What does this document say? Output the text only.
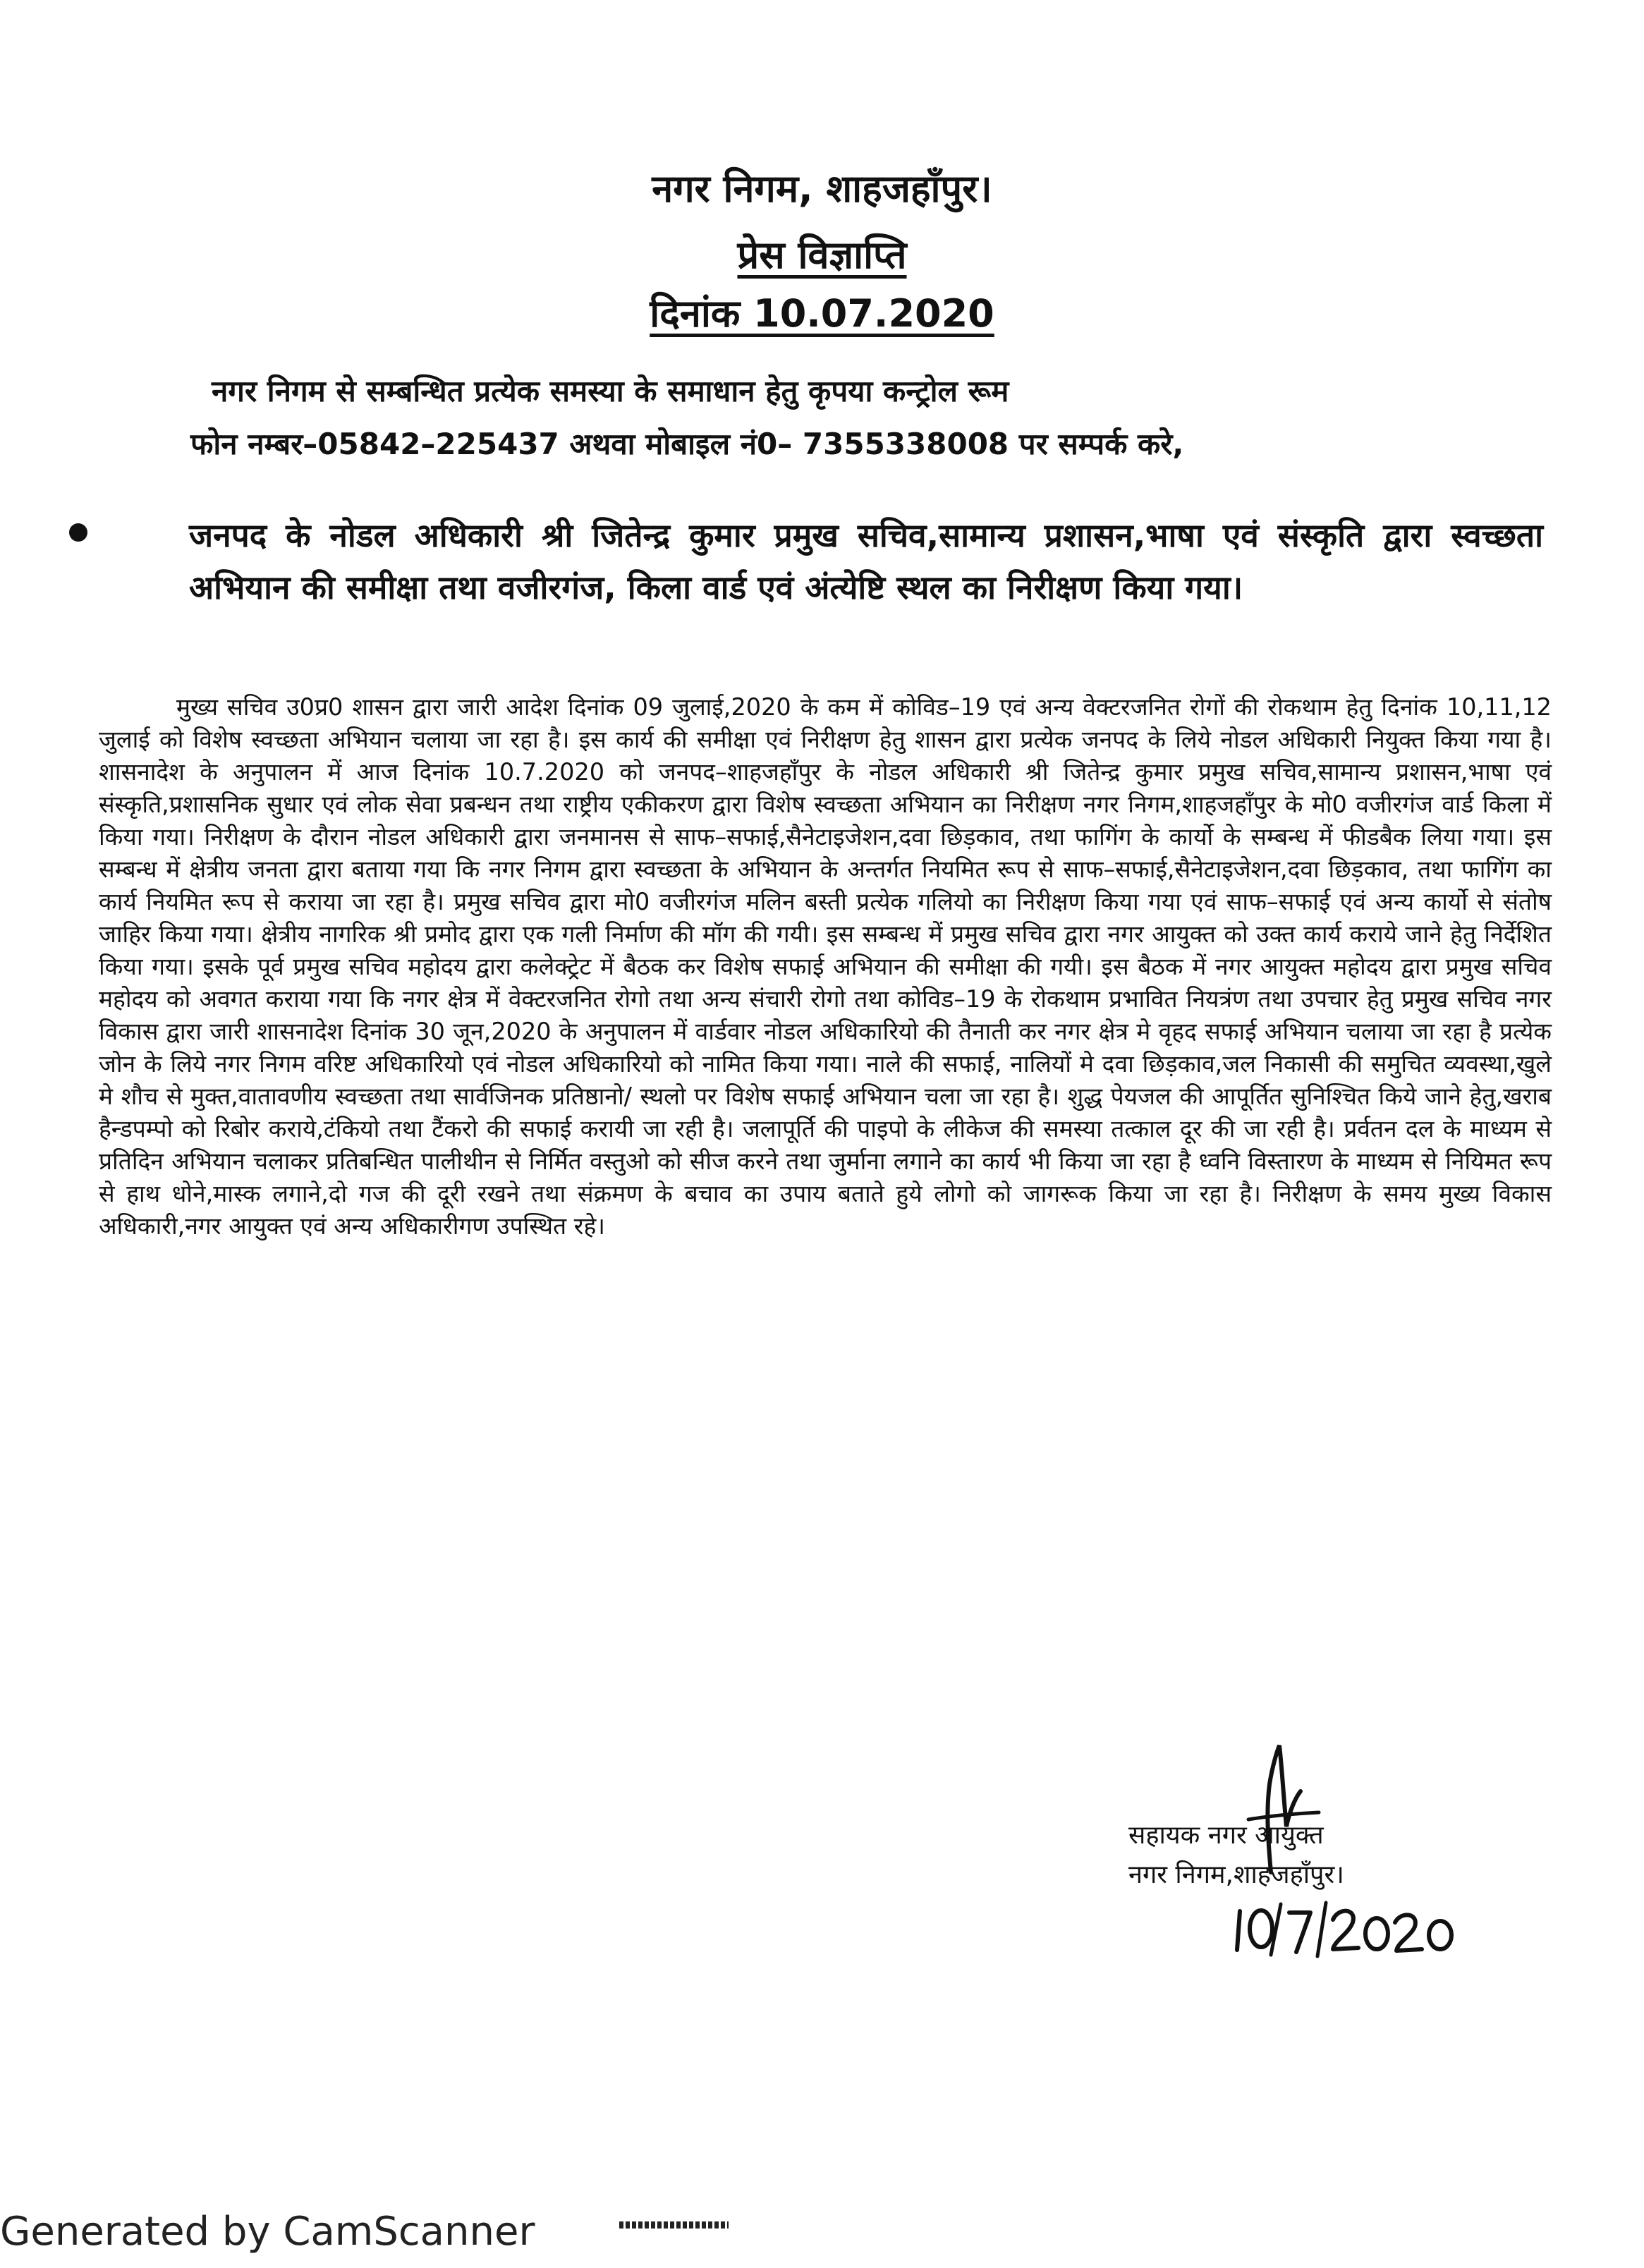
नगर निगम, शाहजहाँपुर।
प्रेस विज्ञाप्ति
दिनांक 10.07.2020
नगर निगम से सम्बन्धित प्रत्येक समस्या के समाधान हेतु कृपया कन्ट्रोल रूम
फोन नम्बर–05842–225437 अथवा मोबाइल नं0– 7355338008 पर सम्पर्क करे,
जनपद के नोडल अधिकारी श्री जितेन्द्र कुमार प्रमुख सचिव,सामान्य प्रशासन,भाषा एवं संस्कृति द्वारा स्वच्छता अभियान की समीक्षा तथा वजीरगंज, किला वार्ड एवं अंत्येष्टि स्थल का निरीक्षण किया गया।
मुख्य सचिव उ0प्र0 शासन द्वारा जारी आदेश दिनांक 09 जुलाई,2020 के कम में कोविड–19 एवं अन्य वेक्टरजनित रोगों की रोकथाम हेतु दिनांक 10,11,12 जुलाई को विशेष स्वच्छता अभियान चलाया जा रहा है। इस कार्य की समीक्षा एवं निरीक्षण हेतु शासन द्वारा प्रत्येक जनपद के लिये नोडल अधिकारी नियुक्त किया गया है। शासनादेश के अनुपालन में आज दिनांक 10.7.2020 को जनपद–शाहजहाँपुर के नोडल अधिकारी श्री जितेन्द्र कुमार प्रमुख सचिव,सामान्य प्रशासन,भाषा एवं संस्कृति,प्रशासनिक सुधार एवं लोक सेवा प्रबन्धन तथा राष्ट्रीय एकीकरण द्वारा विशेष स्वच्छता अभियान का निरीक्षण नगर निगम,शाहजहाँपुर के मो0 वजीरगंज वार्ड किला में किया गया। निरीक्षण के दौरान नोडल अधिकारी द्वारा जनमानस से साफ–सफाई,सैनेटाइजेशन,दवा छिड़काव, तथा फागिंग के कार्यो के सम्बन्ध में फीडबैक लिया गया। इस सम्बन्ध में क्षेत्रीय जनता द्वारा बताया गया कि नगर निगम द्वारा स्वच्छता के अभियान के अन्तर्गत नियमित रूप से साफ–सफाई,सैनेटाइजेशन,दवा छिड़काव, तथा फागिंग का कार्य नियमित रूप से कराया जा रहा है। प्रमुख सचिव द्वारा मो0 वजीरगंज मलिन बस्ती प्रत्येक गलियो का निरीक्षण किया गया एवं साफ–सफाई एवं अन्य कार्यो से संतोष जाहिर किया गया। क्षेत्रीय नागरिक श्री प्रमोद द्वारा एक गली निर्माण की मॉग की गयी। इस सम्बन्ध में प्रमुख सचिव द्वारा नगर आयुक्त को उक्त कार्य कराये जाने हेतु निर्देशित किया गया। इसके पूर्व प्रमुख सचिव महोदय द्वारा कलेक्ट्रेट में बैठक कर विशेष सफाई अभियान की समीक्षा की गयी। इस बैठक में नगर आयुक्त महोदय द्वारा प्रमुख सचिव महोदय को अवगत कराया गया कि नगर क्षेत्र में वेक्टरजनित रोगो तथा अन्य संचारी रोगो तथा कोविड–19 के रोकथाम प्रभावित नियत्रंण तथा उपचार हेतु प्रमुख सचिव नगर विकास द्वारा जारी शासनादेश दिनांक 30 जून,2020 के अनुपालन में वार्डवार नोडल अधिकारियो की तैनाती कर नगर क्षेत्र मे वृहद सफाई अभियान चलाया जा रहा है प्रत्येक जोन के लिये नगर निगम वरिष्ट अधिकारियो एवं नोडल अधिकारियो को नामित किया गया। नाले की सफाई, नालियों मे दवा छिड़काव,जल निकासी की समुचित व्यवस्था,खुले मे शौच से मुक्त,वातावणीय स्वच्छता तथा सार्वजिनक प्रतिष्ठानो/ स्थलो पर विशेष सफाई अभियान चला जा रहा है। शुद्ध पेयजल की आपूर्तित सुनिश्चित किये जाने हेतु,खराब हैन्डपम्पो को रिबोर कराये,टंकियो तथा टैंकरो की सफाई करायी जा रही है। जलापूर्ति की पाइपो के लीकेज की समस्या तत्काल दूर की जा रही है। प्रर्वतन दल के माध्यम से प्रतिदिन अभियान चलाकर प्रतिबन्धित पालीथीन से निर्मित वस्तुओ को सीज करने तथा जुर्माना लगाने का कार्य भी किया जा रहा है ध्वनि विस्तारण के माध्यम से नियिमत रूप से हाथ धोने,मास्क लगाने,दो गज की दूरी रखने तथा संक्रमण के बचाव का उपाय बताते हुये लोगो को जागरूक किया जा रहा है। निरीक्षण के समय मुख्य विकास अधिकारी,नगर आयुक्त एवं अन्य अधिकारीगण उपस्थित रहे।
सहायक नगर आयुक्त
नगर निगम,शाहजहाँपुर।
Generated by CamScanner
